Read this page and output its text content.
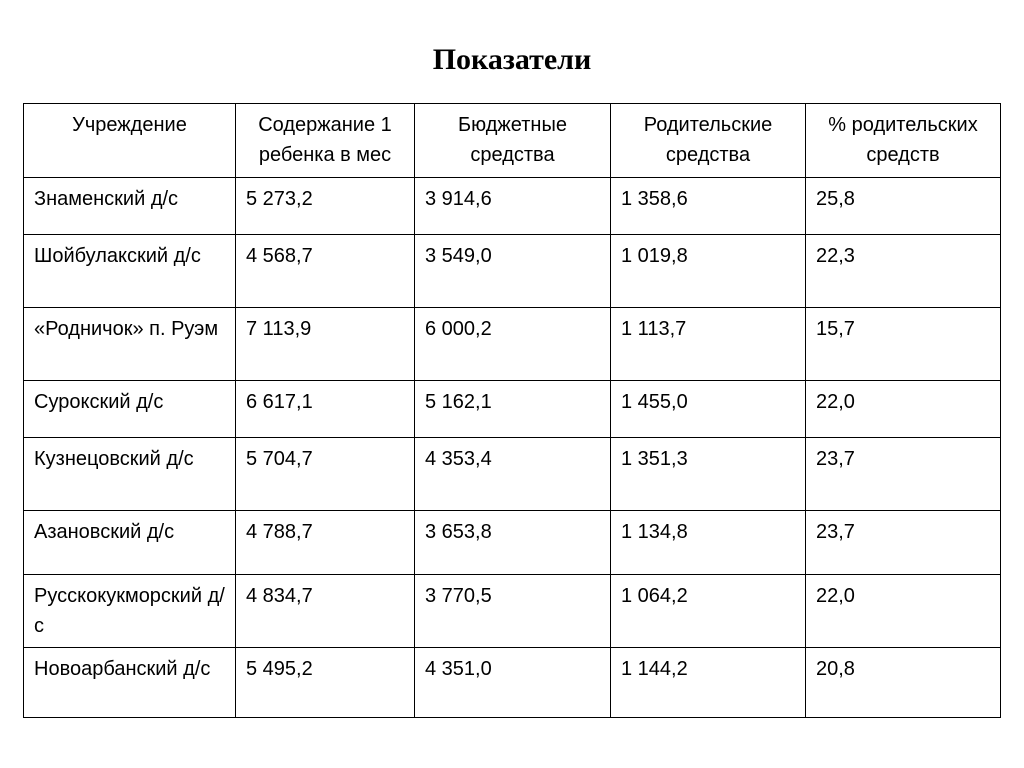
Показатели
Учреждение	Содержание 1 ребенка в мес	Бюджетные средства	Родительские средства	% родительских средств
Знаменский д/с	5 273,2	3 914,6	1 358,6	25,8
Шойбулакский д/с	4 568,7	3 549,0	1 019,8	22,3
«Родничок» п. Руэм	7 113,9	6 000,2	1 113,7	15,7
Сурокский д/с	6 617,1	5 162,1	1 455,0	22,0
Кузнецовский д/с	5 704,7	4 353,4	1 351,3	23,7
Азановский д/с	4 788,7	3 653,8	1 134,8	23,7
Русскокукморский д/с	4 834,7	3 770,5	1 064,2	22,0
Новоарбанский д/с	5 495,2	4 351,0	1 144,2	20,8
